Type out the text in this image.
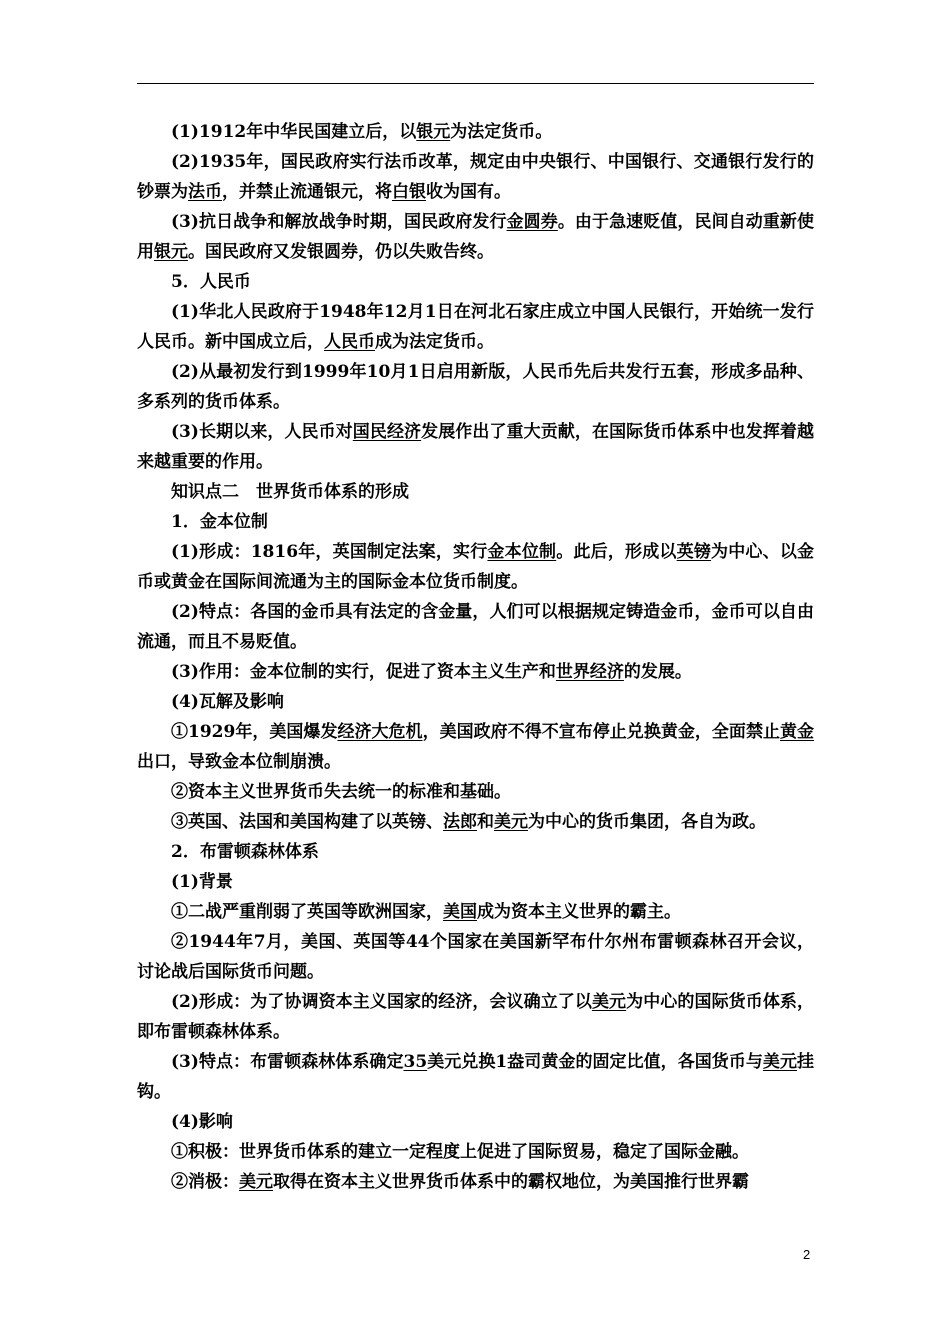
(1)1912年中华民国建立后，以银元为法定货币。
(2)1935年，国民政府实行法币改革，规定由中央银行、中国银行、交通银行发行的钞票为法币，并禁止流通银元，将白银收为国有。
(3)抗日战争和解放战争时期，国民政府发行金圆券。由于急速贬值，民间自动重新使用银元。国民政府又发银圆券，仍以失败告终。
5．人民币
(1)华北人民政府于1948年12月1日在河北石家庄成立中国人民银行，开始统一发行人民币。新中国成立后，人民币成为法定货币。
(2)从最初发行到1999年10月1日启用新版，人民币先后共发行五套，形成多品种、多系列的货币体系。
(3)长期以来，人民币对国民经济发展作出了重大贡献，在国际货币体系中也发挥着越来越重要的作用。
知识点二　世界货币体系的形成
1．金本位制
(1)形成：1816年，英国制定法案，实行金本位制。此后，形成以英镑为中心、以金币或黄金在国际间流通为主的国际金本位货币制度。
(2)特点：各国的金币具有法定的含金量，人们可以根据规定铸造金币，金币可以自由流通，而且不易贬值。
(3)作用：金本位制的实行，促进了资本主义生产和世界经济的发展。
(4)瓦解及影响
①1929年，美国爆发经济大危机，美国政府不得不宣布停止兑换黄金，全面禁止黄金出口，导致金本位制崩溃。
②资本主义世界货币失去统一的标准和基础。
③英国、法国和美国构建了以英镑、法郎和美元为中心的货币集团，各自为政。
2．布雷顿森林体系
(1)背景
①二战严重削弱了英国等欧洲国家，美国成为资本主义世界的霸主。
②1944年7月，美国、英国等44个国家在美国新罕布什尔州布雷顿森林召开会议，讨论战后国际货币问题。
(2)形成：为了协调资本主义国家的经济，会议确立了以美元为中心的国际货币体系，即布雷顿森林体系。
(3)特点：布雷顿森林体系确定35美元兑换1盎司黄金的固定比值，各国货币与美元挂钩。
(4)影响
①积极：世界货币体系的建立一定程度上促进了国际贸易，稳定了国际金融。
②消极：美元取得在资本主义世界货币体系中的霸权地位，为美国推行世界霸
2
